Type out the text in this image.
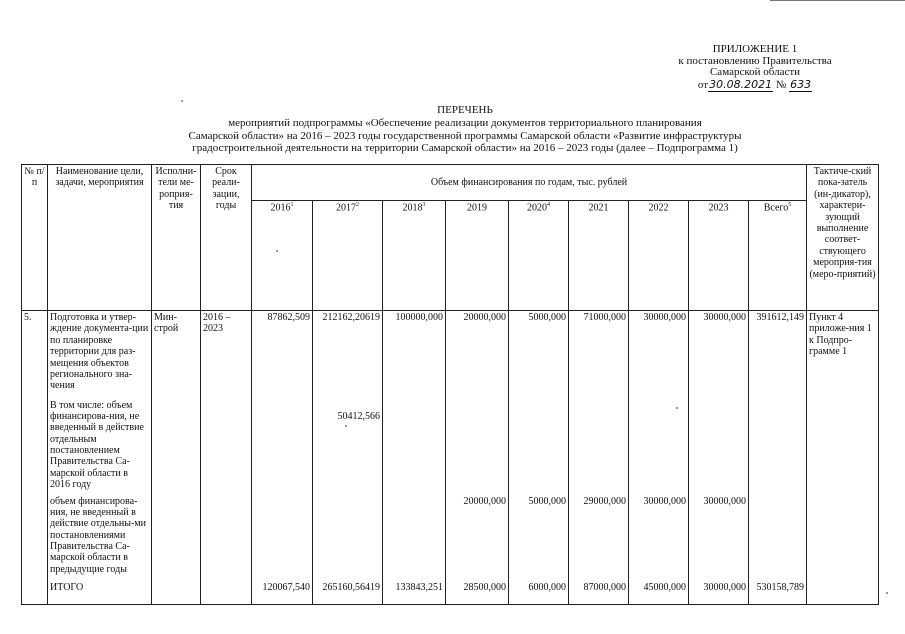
ПРИЛОЖЕНИЕ 1
к постановлению Правительства
Самарской области
от30.08.2021 № 633
ПЕРЕЧЕНЬ
мероприятий подпрограммы «Обеспечение реализации документов территориального планирования
Самарской области» на 2016 – 2023 годы государственной программы Самарской области «Развитие инфраструктуры
градостроительной деятельности на территории Самарской области» на 2016 – 2023 годы (далее – Подпрограмма 1)
№ п/п	Наименование цели, задачи, мероприятия	Исполни-тели ме-роприя-тия	Срок реали-зации, годы	Объем финансирования по годам, тыс. рублей									Тактиче-ский пока-затель (ин-дикатор), характери-зующий выполнение соответ-ствующего мероприя-тия (меро-приятий)
				2016$^1$	2017$^2$	2018$^3$	2019	2020$^4$	2021	2022	2023	Всего$^5$
5.	Подготовка и утвер-ждение документа-ции по планировке территории для раз-мещения объектов регионального зна-чения	Мин-строй	2016 – 2023	87862,509	212162,20619	100000,000	20000,000	5000,000	71000,000	30000,000	30000,000	391612,149	Пункт 4 приложе-ния 1 к Подпро-грамме 1
	В том числе: объем финансирова-ния, не введенный в действие отдельным постановлением Правительства Са-марской области в 2016 году				50412,566								
	объем финансирова-ния, не введенный в действие отдельны-ми постановлениями Правительства Са-марской области в предыдущие годы						20000,000	5000,000	29000,000	30000,000	30000,000		
	ИТОГО			120067,540	265160,56419	133843,251	28500,000	6000,000	87000,000	45000,000	30000,000	530158,789	
